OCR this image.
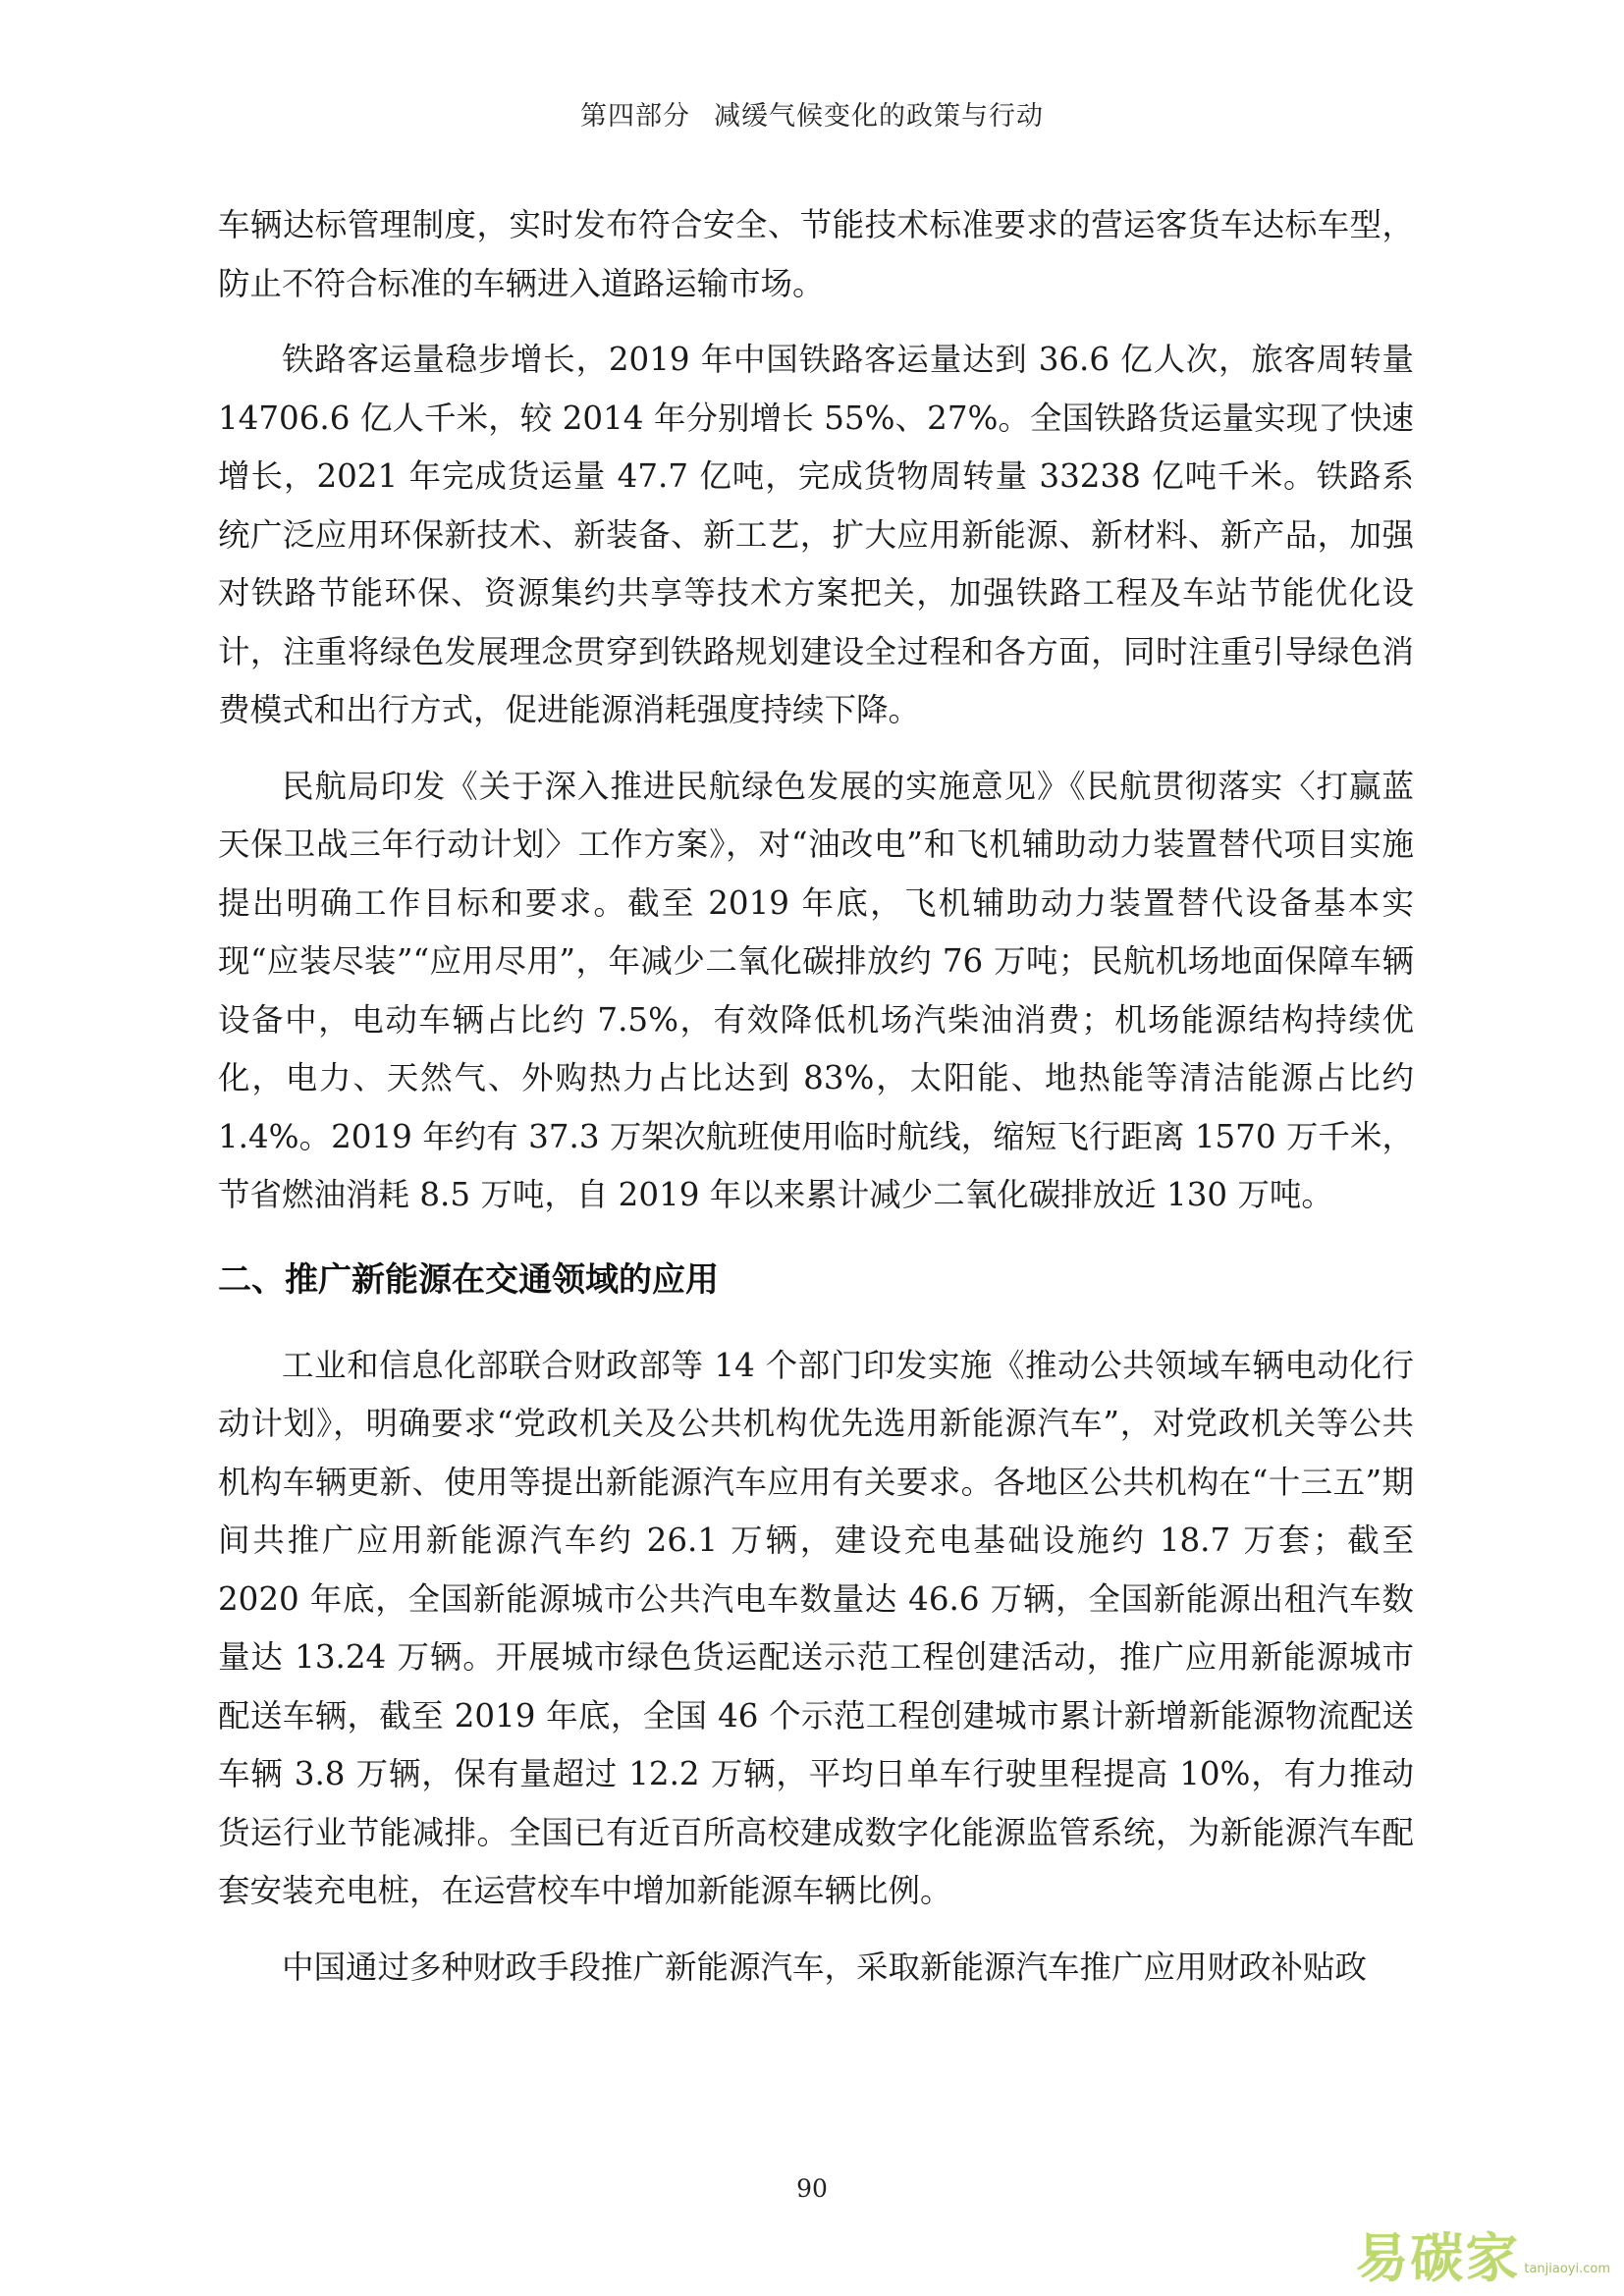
第四部分 减缓气候变化的政策与行动

车辆达标管理制度，实时发布符合安全、节能技术标准要求的营运客货车达标车型，防止不符合标准的车辆进入道路运输市场。

铁路客运量稳步增长，2019 年中国铁路客运量达到 36.6 亿人次，旅客周转量 14706.6 亿人千米，较 2014 年分别增长 55%、27%。全国铁路货运量实现了快速增长，2021 年完成货运量 47.7 亿吨，完成货物周转量 33238 亿吨千米。铁路系统广泛应用环保新技术、新装备、新工艺，扩大应用新能源、新材料、新产品，加强对铁路节能环保、资源集约共享等技术方案把关，加强铁路工程及车站节能优化设计，注重将绿色发展理念贯穿到铁路规划建设全过程和各方面，同时注重引导绿色消费模式和出行方式，促进能源消耗强度持续下降。

民航局印发《关于深入推进民航绿色发展的实施意见》《民航贯彻落实〈打赢蓝天保卫战三年行动计划〉工作方案》，对“油改电”和飞机辅助动力装置替代项目实施提出明确工作目标和要求。截至 2019 年底，飞机辅助动力装置替代设备基本实现“应装尽装”“应用尽用”，年减少二氧化碳排放约 76 万吨；民航机场地面保障车辆设备中，电动车辆占比约 7.5%，有效降低机场汽柴油消费；机场能源结构持续优化，电力、天然气、外购热力占比达到 83%，太阳能、地热能等清洁能源占比约 1.4%。2019 年约有 37.3 万架次航班使用临时航线，缩短飞行距离 1570 万千米，节省燃油消耗 8.5 万吨，自 2019 年以来累计减少二氧化碳排放近 130 万吨。

二、推广新能源在交通领域的应用

工业和信息化部联合财政部等 14 个部门印发实施《推动公共领域车辆电动化行动计划》，明确要求“党政机关及公共机构优先选用新能源汽车”，对党政机关等公共机构车辆更新、使用等提出新能源汽车应用有关要求。各地区公共机构在“十三五”期间共推广应用新能源汽车约 26.1 万辆，建设充电基础设施约 18.7 万套；截至 2020 年底，全国新能源城市公共汽电车数量达 46.6 万辆，全国新能源出租汽车数量达 13.24 万辆。开展城市绿色货运配送示范工程创建活动，推广应用新能源城市配送车辆，截至 2019 年底，全国 46 个示范工程创建城市累计新增新能源物流配送车辆 3.8 万辆，保有量超过 12.2 万辆，平均日单车行驶里程提高 10%，有力推动货运行业节能减排。全国已有近百所高校建成数字化能源监管系统，为新能源汽车配套安装充电桩，在运营校车中增加新能源车辆比例。

中国通过多种财政手段推广新能源汽车，采取新能源汽车推广应用财政补贴政

90
易碳家 tanjiaoyi.com
